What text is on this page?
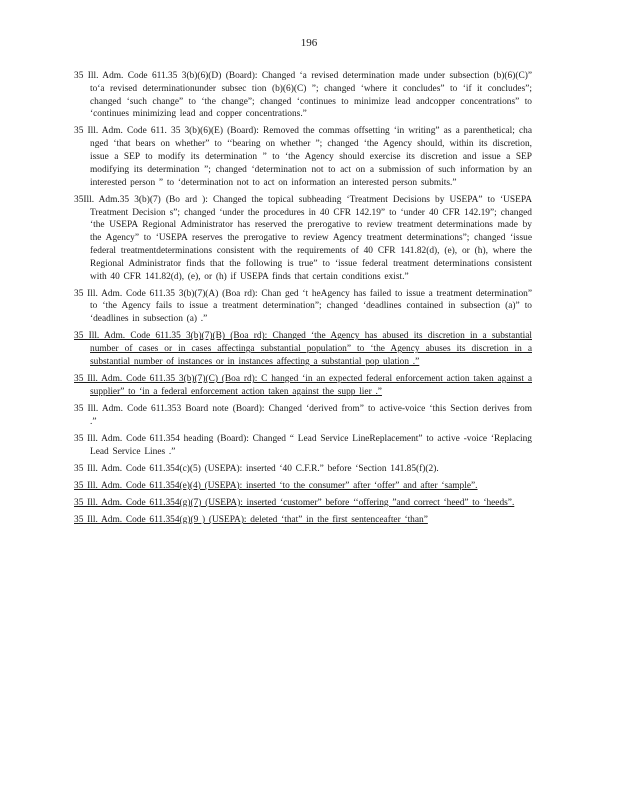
196

35 Ill. Adm. Code 611.35 3(b)(6)(D) (Board): Changed ‘a revised determination made under subsection (b)(6)(C)” to‘a revised determinationunder subsec tion (b)(6)(C) ”; changed ‘where it concludes” to ‘if it concludes”; changed ‘such change” to ‘the change”; changed ‘continues to minimize lead andcopper concentrations” to ‘continues minimizing lead and copper concentrations.”

35 Ill. Adm. Code 611. 35 3(b)(6)(E) (Board): Removed the commas offsetting ‘in writing” as a parenthetical; cha nged ‘that bears on whether” to ‘‘bearing on whether ”; changed ‘the Agency should, within its discretion, issue a SEP to modify its determination ” to ‘the Agency should exercise its discretion and issue a SEP modifying its determination ”; changed ‘determination not to act on a submission of such information by an interested person ” to ‘determination not to act on information an interested person submits.”

35Ill. Adm.35 3(b)(7) (Bo ard ): Changed the topical subheading ‘Treatment Decisions by USEPA” to ‘USEPA Treatment Decision s”; changed ‘under the procedures in 40 CFR 142.19” to ‘under 40 CFR 142.19”; changed ‘the USEPA Regional Administrator has reserved the prerogative to review treatment determinations made by the Agency” to ‘USEPA reserves the prerogative to review Agency treatment determinations”; changed ‘issue federal treatmentdeterminations consistent with the requirements of 40 CFR 141.82(d), (e), or (h), where the Regional Administrator finds that the following is true” to ‘issue federal treatment determinations consistent with 40 CFR 141.82(d), (e), or (h) if USEPA finds that certain conditions exist.”

35 Ill. Adm. Code 611.35 3(b)(7)(A) (Boa rd): Chan ged ‘t heAgency has failed to issue a treatment determination” to ‘the Agency fails to issue a treatment determination”; changed ‘deadlines contained in subsection (a)” to ‘deadlines in subsection (a) .”

35 Ill. Adm. Code 611.35 3(b)(7)(B) (Boa rd): Changed ‘the Agency has abused its discretion in a substantial number of cases or in cases affectinga substantial population” to ‘the Agency abuses its discretion in a substantial number of instances or in instances affecting a substantial pop ulation .”

35 Ill. Adm. Code 611.35 3(b)(7)(C) (Boa rd): C hanged ‘in an expected federal enforcement action taken against a supplier” to ‘in a federal enforcement action taken against the supp lier .”

35 Ill. Adm. Code 611.353 Board note (Board): Changed ‘derived from” to active-voice ‘this Section derives from .”

35 Ill. Adm. Code 611.354 heading (Board): Changed “ Lead Service LineReplacement” to active -voice ‘Replacing Lead Service Lines .”

35 Ill. Adm. Code 611.354(c)(5) (USEPA): inserted ‘40 C.F.R.” before ‘Section 141.85(f)(2).

35 Ill. Adm. Code 611.354(e)(4) (USEPA): inserted ‘to the consumer” after ‘offer” and after ‘sample”.

35 Ill. Adm. Code 611.354(g)(7) (USEPA): inserted ‘customer” before ‘‘offering ”and correct ‘heed” to ‘heeds”.

35 Ill. Adm. Code 611.354(g)(9 ) (USEPA): deleted ‘that” in the first sentenceafter ‘than”
